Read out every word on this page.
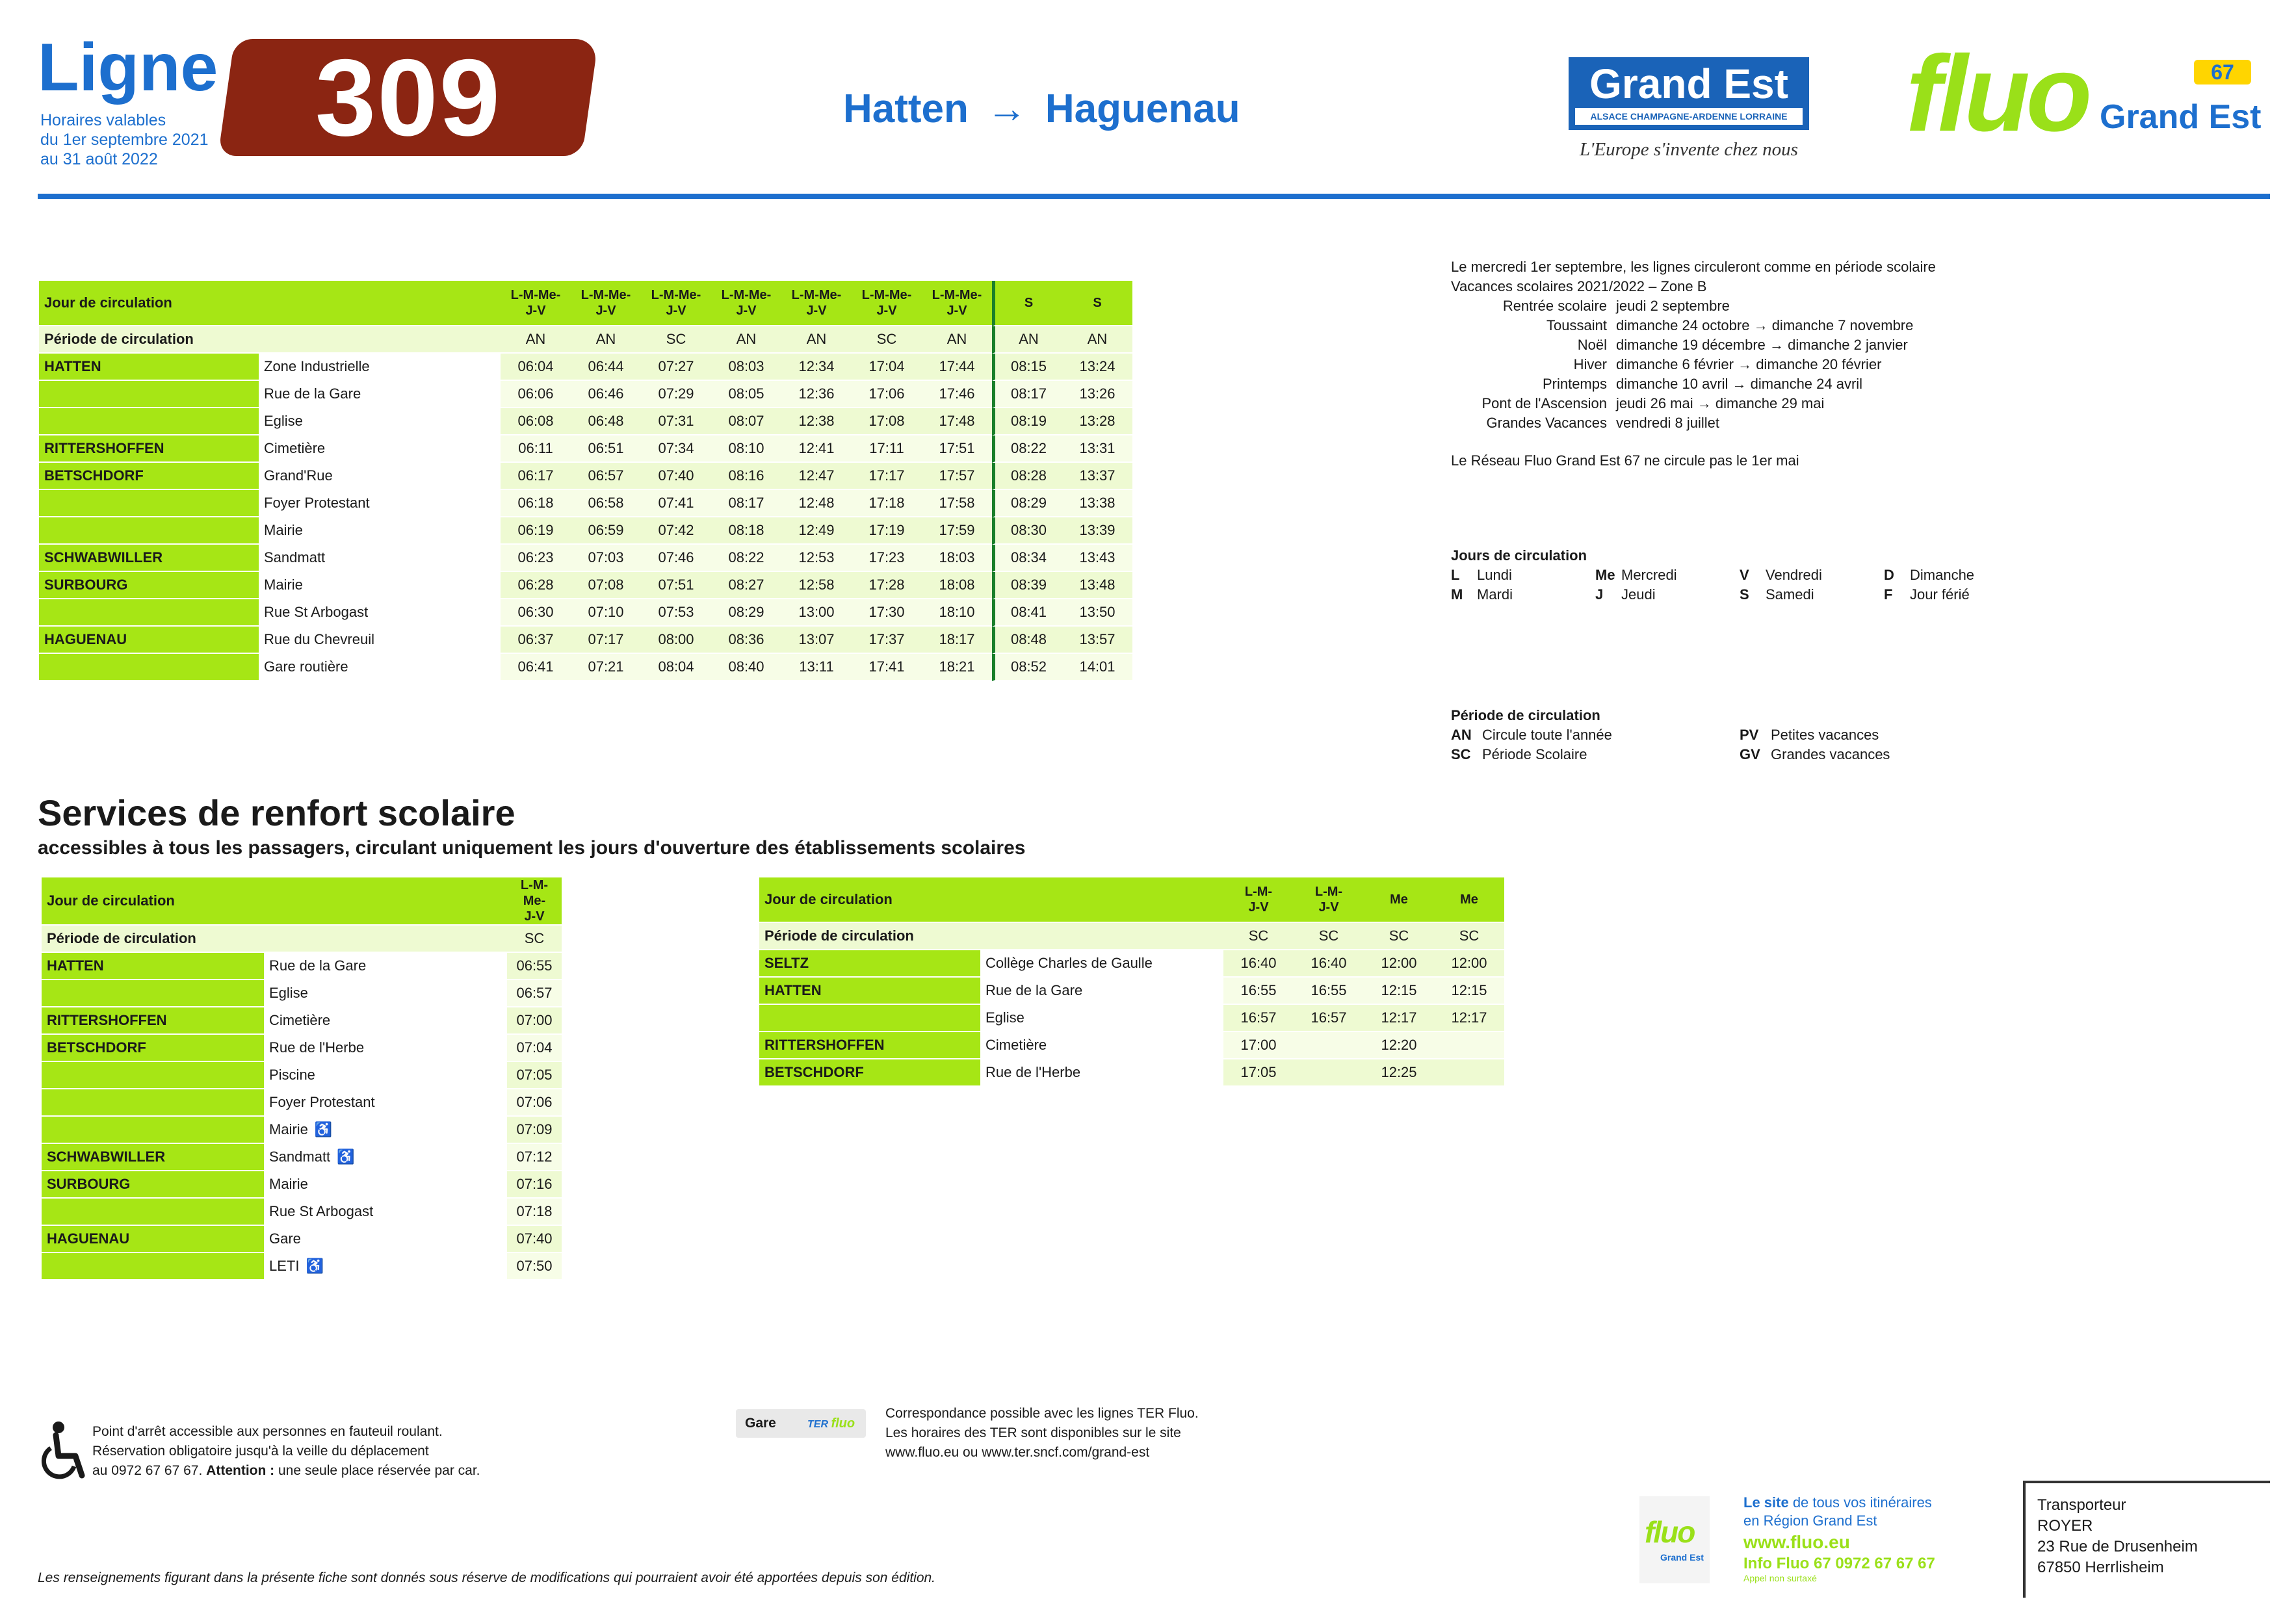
Ligne
Horaires valables
du 1er septembre 2021
au 31 août 2022
309	Hatten → Haguenau
Grand Est
ALSACE CHAMPAGNE-ARDENNE LORRAINE
L'Europe s'invente chez nous fluo Grand Est
67
Jour de circulation		L-M-Me-
J-V	L-M-Me-
J-V	L-M-Me-
J-V	L-M-Me-
J-V	L-M-Me-
J-V	L-M-Me-
J-V	L-M-Me-
J-V	S	S
Période de circulation		AN	AN	SC	AN	AN	SC	AN	AN	AN
HATTEN	Zone Industrielle	06:04	06:44	07:27	08:03	12:34	17:04	17:44	08:15	13:24
	Rue de la Gare	06:06	06:46	07:29	08:05	12:36	17:06	17:46	08:17	13:26
	Eglise	06:08	06:48	07:31	08:07	12:38	17:08	17:48	08:19	13:28
RITTERSHOFFEN	Cimetière	06:11	06:51	07:34	08:10	12:41	17:11	17:51	08:22	13:31
BETSCHDORF	Grand'Rue	06:17	06:57	07:40	08:16	12:47	17:17	17:57	08:28	13:37
	Foyer Protestant	06:18	06:58	07:41	08:17	12:48	17:18	17:58	08:29	13:38
	Mairie	06:19	06:59	07:42	08:18	12:49	17:19	17:59	08:30	13:39
SCHWABWILLER	Sandmatt	06:23	07:03	07:46	08:22	12:53	17:23	18:03	08:34	13:43
SURBOURG	Mairie	06:28	07:08	07:51	08:27	12:58	17:28	18:08	08:39	13:48
	Rue St Arbogast	06:30	07:10	07:53	08:29	13:00	17:30	18:10	08:41	13:50
HAGUENAU	Rue du Chevreuil	06:37	07:17	08:00	08:36	13:07	17:37	18:17	08:48	13:57
	Gare routière	06:41	07:21	08:04	08:40	13:11	17:41	18:21	08:52	14:01
Le mercredi 1er septembre, les lignes circuleront comme en période scolaire
Vacances scolaires 2021/2022 – Zone B
Rentrée scolaire jeudi 2 septembre
Toussaint dimanche 24 octobre → dimanche 7 novembre
Noël dimanche 19 décembre → dimanche 2 janvier
Hiver dimanche 6 février → dimanche 20 février
Printemps dimanche 10 avril → dimanche 24 avril
Pont de l'Ascension jeudi 26 mai → dimanche 29 mai
Grandes Vacances vendredi 8 juillet
Le Réseau Fluo Grand Est 67 ne circule pas le 1er mai
Jours de circulation
L Lundi	Me Mercredi	V Vendredi	D Dimanche
M Mardi	J Jeudi	S Samedi	F Jour férié
Période de circulation
AN Circule toute l'année	PV Petites vacances
SC Période Scolaire	GV Grandes vacances
Services de renfort scolaire
accessibles à tous les passagers, circulant uniquement les jours d'ouverture des établissements scolaires
Jour de circulation		L-M-Me-
J-V
Période de circulation		SC
HATTEN	Rue de la Gare	06:55
	Eglise	06:57
RITTERSHOFFEN	Cimetière	07:00
BETSCHDORF	Rue de l'Herbe	07:04
	Piscine	07:05
	Foyer Protestant	07:06
	Mairie ♿	07:09
SCHWABWILLER	Sandmatt ♿	07:12
SURBOURG	Mairie	07:16
	Rue St Arbogast	07:18
HAGUENAU	Gare	07:40
	LETI ♿	07:50
Jour de circulation		L-M-
J-V	L-M-
J-V	Me	Me
Période de circulation		SC	SC	SC	SC
SELTZ	Collège Charles de Gaulle	16:40	16:40	12:00	12:00
HATTEN	Rue de la Gare	16:55	16:55	12:15	12:15
	Eglise	16:57	16:57	12:17	12:17
RITTERSHOFFEN	Cimetière	17:00		12:20	
BETSCHDORF	Rue de l'Herbe	17:05		12:25	
Point d'arrêt accessible aux personnes en fauteuil roulant.
Réservation obligatoire jusqu'à la veille du déplacement
au 0972 67 67 67. Attention : une seule place réservée par car.
Gare	TER fluo
Correspondance possible avec les lignes TER Fluo.
Les horaires des TER sont disponibles sur le site
www.fluo.eu ou www.ter.sncf.com/grand-est
fluo
Grand Est
Le site de tous vos itinéraires
en Région Grand Est
www.fluo.eu
Info Fluo 67 0972 67 67 67
Appel non surtaxé
Transporteur
ROYER
23 Rue de Drusenheim
67850 Herrlisheim
Les renseignements figurant dans la présente fiche sont donnés sous réserve de modifications qui pourraient avoir été apportées depuis son édition.
